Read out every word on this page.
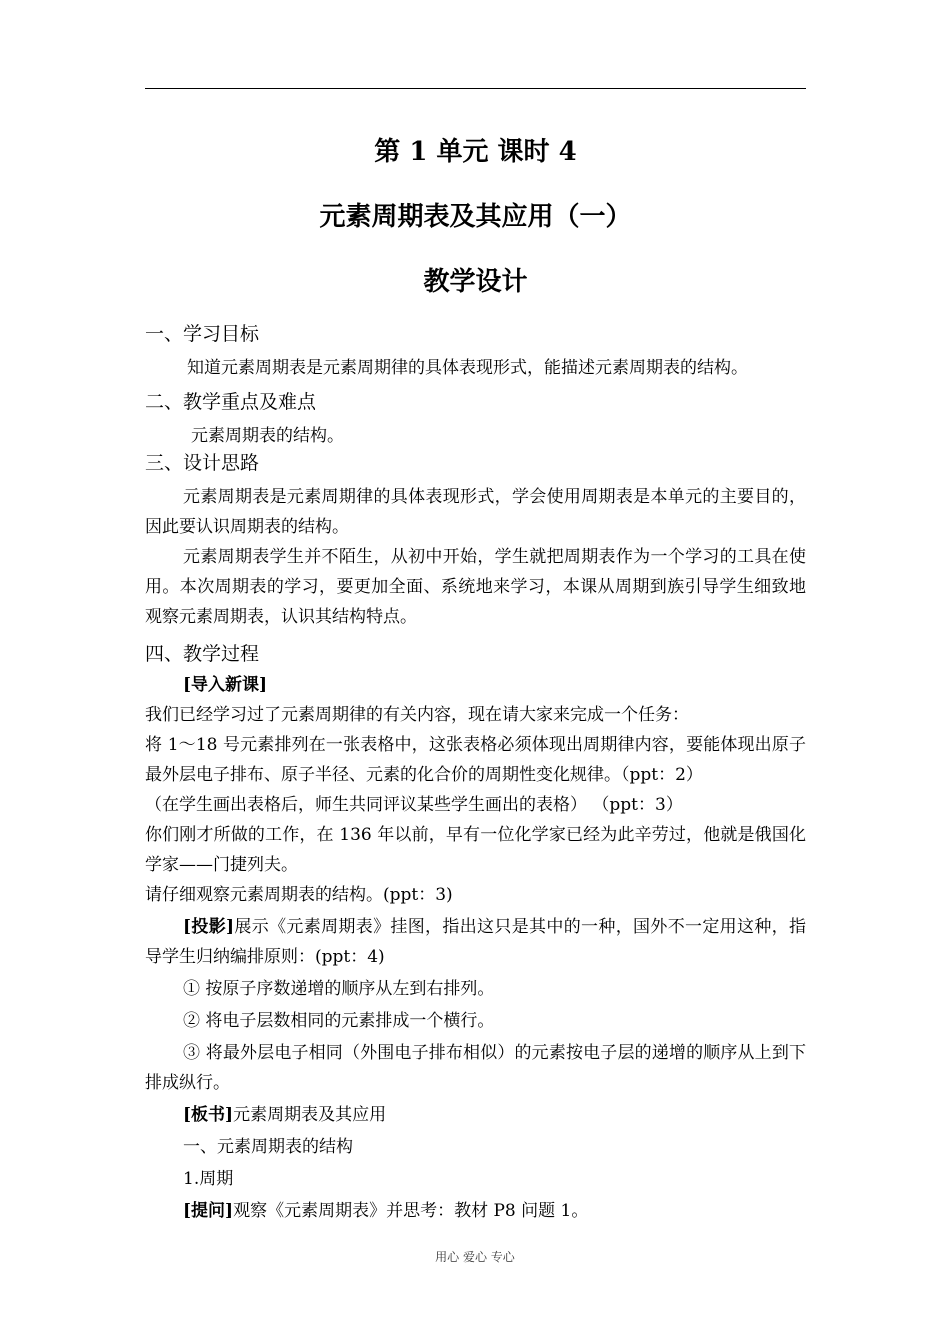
第 1 单元 课时 4

元素周期表及其应用（一）

教学设计

一、学习目标

知道元素周期表是元素周期律的具体表现形式，能描述元素周期表的结构。

二、教学重点及难点

元素周期表的结构。

三、设计思路

元素周期表是元素周期律的具体表现形式，学会使用周期表是本单元的主要目的，因此要认识周期表的结构。

元素周期表学生并不陌生，从初中开始，学生就把周期表作为一个学习的工具在使用。本次周期表的学习，要更加全面、系统地来学习，本课从周期到族引导学生细致地观察元素周期表，认识其结构特点。

四、教学过程

[导入新课]

我们已经学习过了元素周期律的有关内容，现在请大家来完成一个任务：

将 1～18 号元素排列在一张表格中，这张表格必须体现出周期律内容，要能体现出原子最外层电子排布、原子半径、元素的化合价的周期性变化规律。（ppt：2）

（在学生画出表格后，师生共同评议某些学生画出的表格） （ppt：3）

你们刚才所做的工作，在 136 年以前，早有一位化学家已经为此辛劳过，他就是俄国化学家——门捷列夫。

请仔细观察元素周期表的结构。(ppt：3)

[投影]展示《元素周期表》挂图，指出这只是其中的一种，国外不一定用这种，指导学生归纳编排原则：(ppt：4)

① 按原子序数递增的顺序从左到右排列。

② 将电子层数相同的元素排成一个横行。

③ 将最外层电子相同（外围电子排布相似）的元素按电子层的递增的顺序从上到下排成纵行。

[板书]元素周期表及其应用

一、元素周期表的结构

1.周期

[提问]观察《元素周期表》并思考：教材 P8 问题 1。

用心 爱心 专心
